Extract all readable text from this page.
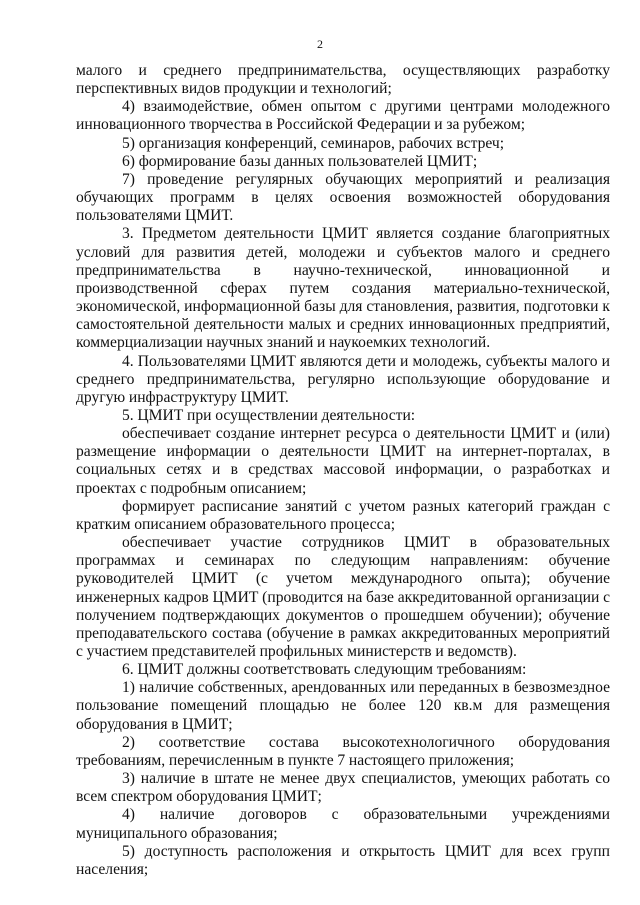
2

малого и среднего предпринимательства, осуществляющих разработку перспективных видов продукции и технологий;

4) взаимодействие, обмен опытом с другими центрами молодежного инновационного творчества в Российской Федерации и за рубежом;

5) организация конференций, семинаров, рабочих встреч;

6) формирование базы данных пользователей ЦМИТ;

7) проведение регулярных обучающих мероприятий и реализация обучающих программ в целях освоения возможностей оборудования пользователями ЦМИТ.

3. Предметом деятельности ЦМИТ является создание благоприятных условий для развития детей, молодежи и субъектов малого и среднего предпринимательства в научно-технической, инновационной и производственной сферах путем создания материально-технической, экономической, информационной базы для становления, развития, подготовки к самостоятельной деятельности малых и средних инновационных предприятий, коммерциализации научных знаний и наукоемких технологий.

4. Пользователями ЦМИТ являются дети и молодежь, субъекты малого и среднего предпринимательства, регулярно использующие оборудование и другую инфраструктуру ЦМИТ.

5. ЦМИТ при осуществлении деятельности:

обеспечивает создание интернет ресурса о деятельности ЦМИТ и (или) размещение информации о деятельности ЦМИТ на интернет-порталах, в социальных сетях и в средствах массовой информации, о разработках и проектах с подробным описанием;

формирует расписание занятий с учетом разных категорий граждан с кратким описанием образовательного процесса;

обеспечивает участие сотрудников ЦМИТ в образовательных программах и семинарах по следующим направлениям: обучение руководителей ЦМИТ (с учетом международного опыта); обучение инженерных кадров ЦМИТ (проводится на базе аккредитованной организации с получением подтверждающих документов о прошедшем обучении); обучение преподавательского состава (обучение в рамках аккредитованных мероприятий с участием представителей профильных министерств и ведомств).

6. ЦМИТ должны соответствовать следующим требованиям:

1) наличие собственных, арендованных или переданных в безвозмездное пользование помещений площадью не более 120 кв.м для размещения оборудования в ЦМИТ;

2) соответствие состава высокотехнологичного оборудования требованиям, перечисленным в пункте 7 настоящего приложения;

3) наличие в штате не менее двух специалистов, умеющих работать со всем спектром оборудования ЦМИТ;

4) наличие договоров с образовательными учреждениями муниципального образования;

5) доступность расположения и открытость ЦМИТ для всех групп населения;
